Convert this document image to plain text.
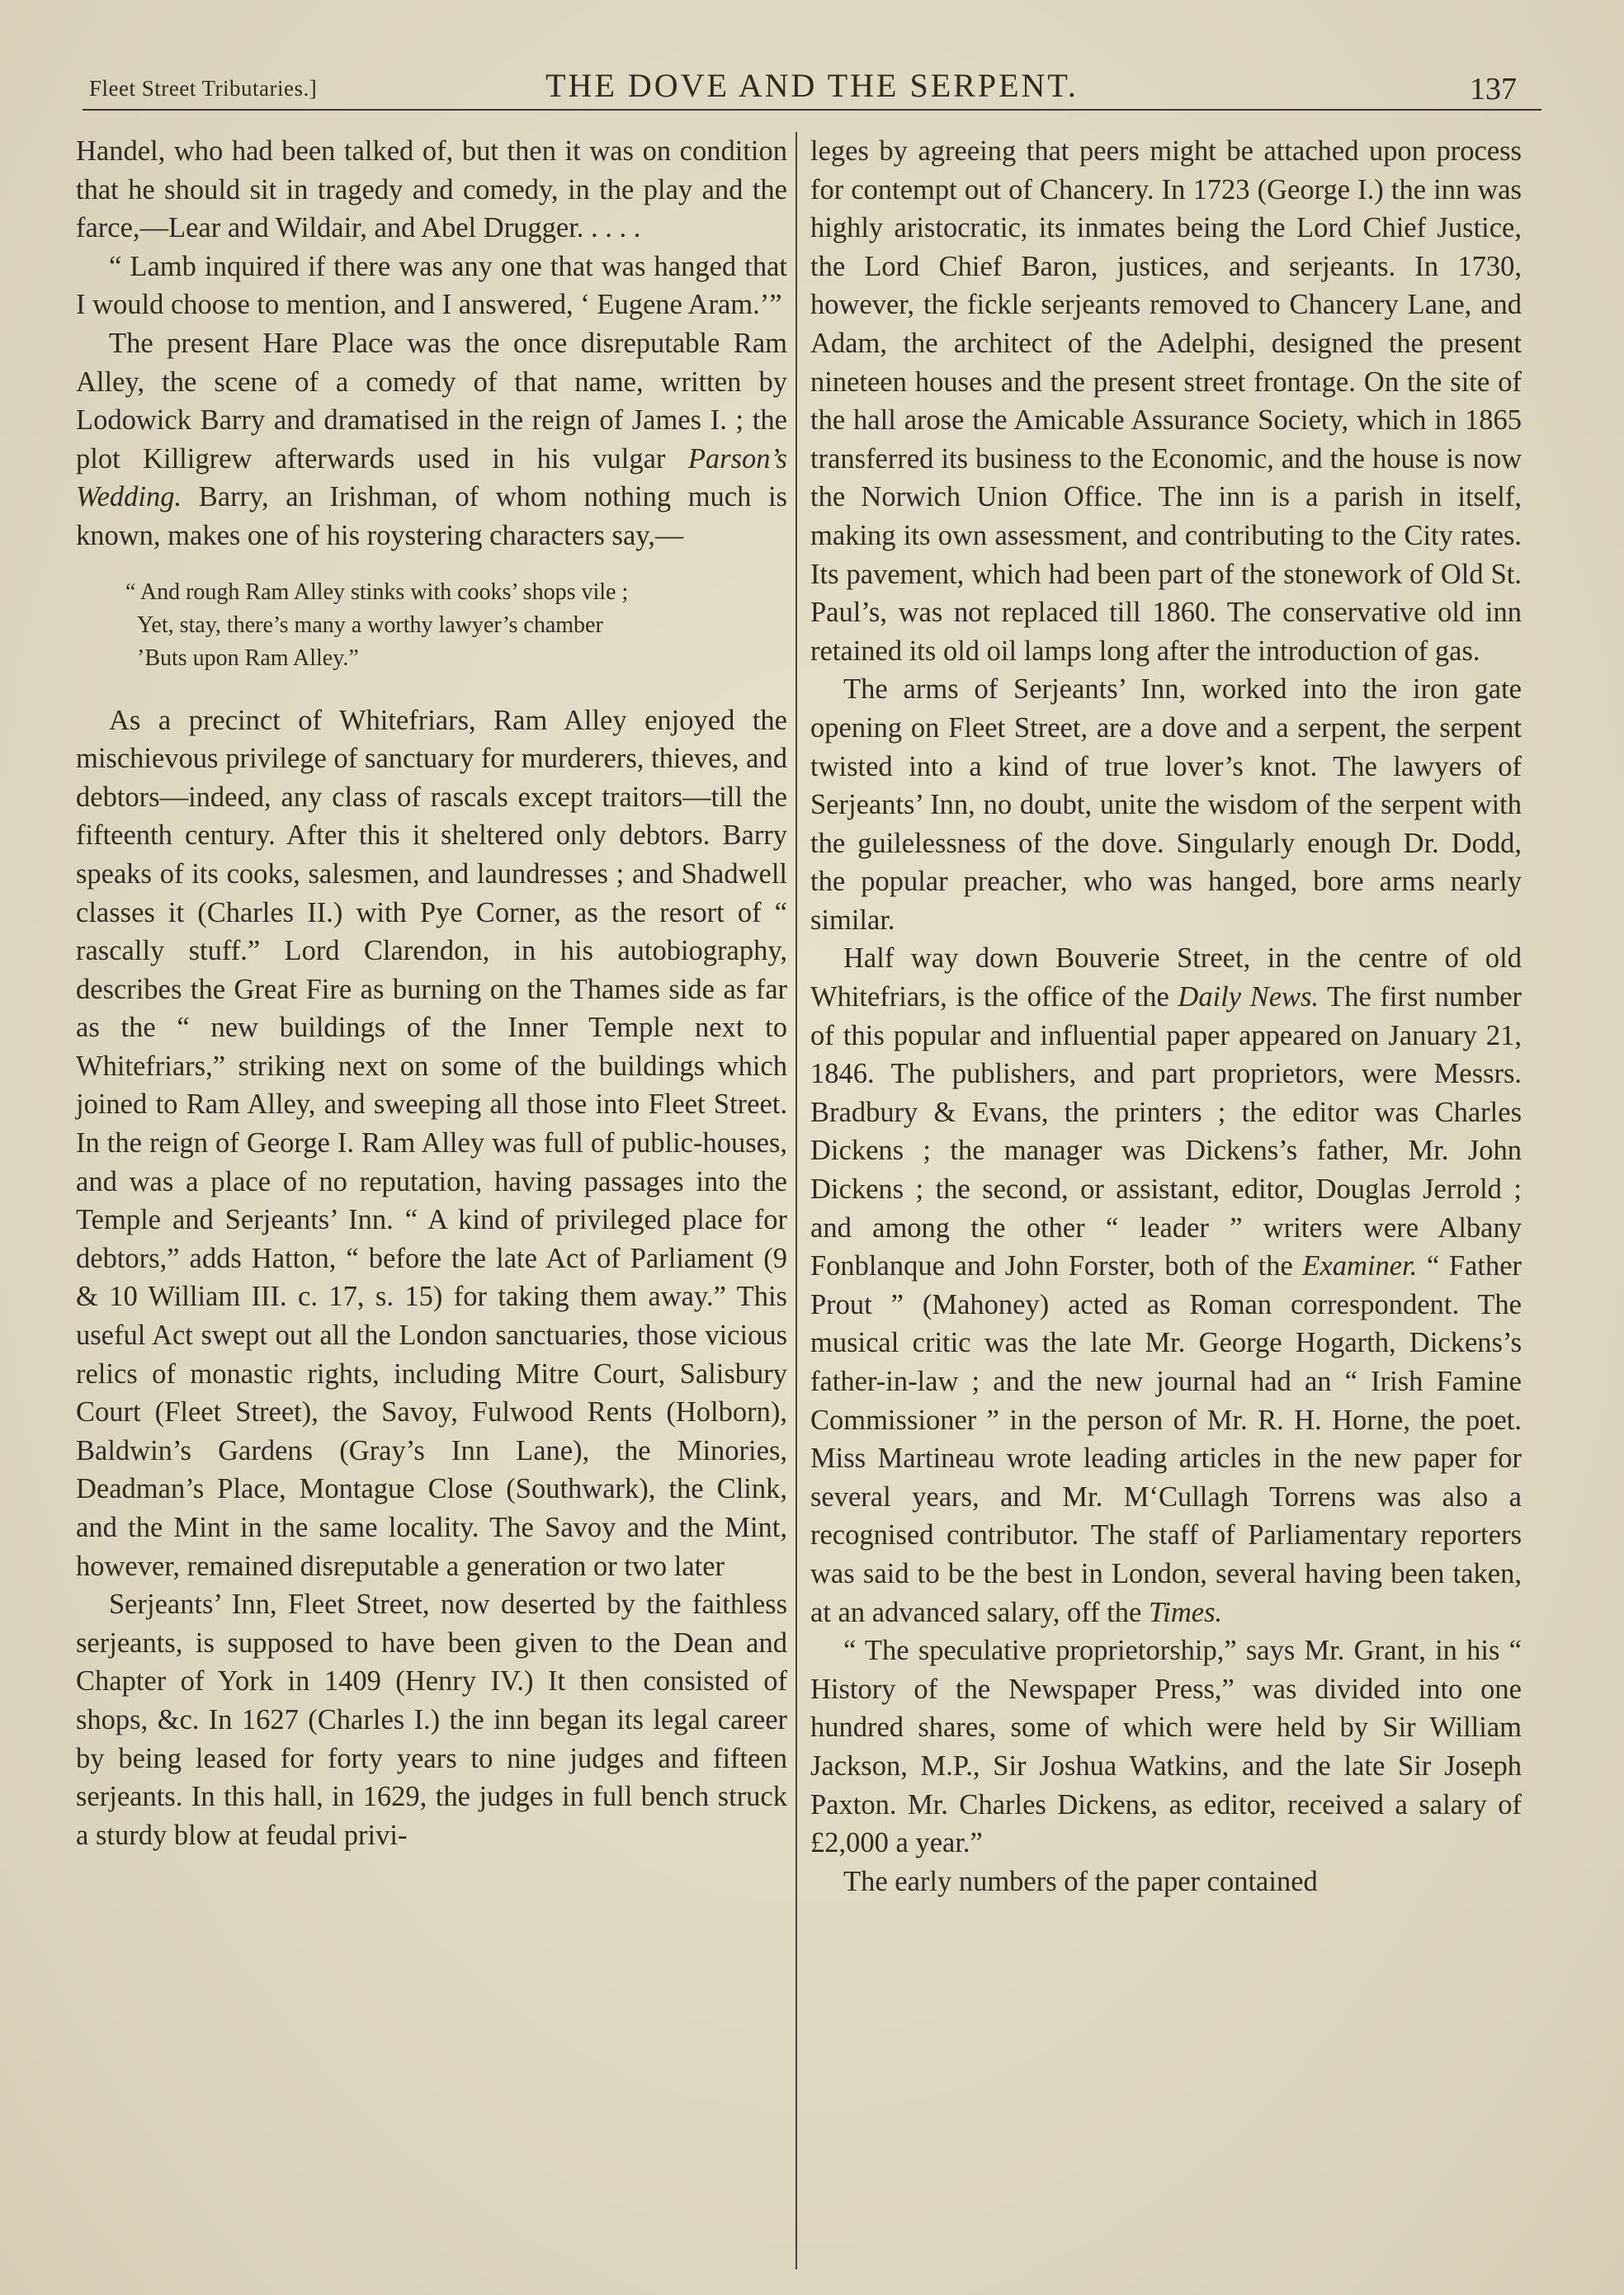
Fleet Street Tributaries.]	THE DOVE AND THE SERPENT.	137

Handel, who had been talked of, but then it was on condition that he should sit in tragedy and comedy, in the play and the farce,—Lear and Wildair, and Abel Drugger. . . . .

“ Lamb inquired if there was any one that was hanged that I would choose to mention, and I answered, ‘ Eugene Aram.’”

The present Hare Place was the once disreputable Ram Alley, the scene of a comedy of that name, written by Lodowick Barry and dramatised in the reign of James I. ; the plot Killigrew afterwards used in his vulgar Parson’s Wedding. Barry, an Irishman, of whom nothing much is known, makes one of his roystering characters say,—

“ And rough Ram Alley stinks with cooks’ shops vile ;
Yet, stay, there’s many a worthy lawyer’s chamber
’Buts upon Ram Alley.”

As a precinct of Whitefriars, Ram Alley enjoyed the mischievous privilege of sanctuary for murderers, thieves, and debtors—indeed, any class of rascals except traitors—till the fifteenth century. After this it sheltered only debtors. Barry speaks of its cooks, salesmen, and laundresses ; and Shadwell classes it (Charles II.) with Pye Corner, as the resort of “ rascally stuff.” Lord Clarendon, in his autobiography, describes the Great Fire as burning on the Thames side as far as the “ new buildings of the Inner Temple next to Whitefriars,” striking next on some of the buildings which joined to Ram Alley, and sweeping all those into Fleet Street. In the reign of George I. Ram Alley was full of public-houses, and was a place of no reputation, having passages into the Temple and Serjeants’ Inn. “ A kind of privileged place for debtors,” adds Hatton, “ before the late Act of Parliament (9 & 10 William III. c. 17, s. 15) for taking them away.” This useful Act swept out all the London sanctuaries, those vicious relics of monastic rights, including Mitre Court, Salisbury Court (Fleet Street), the Savoy, Fulwood Rents (Holborn), Baldwin’s Gardens (Gray’s Inn Lane), the Minories, Deadman’s Place, Montague Close (Southwark), the Clink, and the Mint in the same locality. The Savoy and the Mint, however, remained disreputable a generation or two later

Serjeants’ Inn, Fleet Street, now deserted by the faithless serjeants, is supposed to have been given to the Dean and Chapter of York in 1409 (Henry IV.) It then consisted of shops, &c. In 1627 (Charles I.) the inn began its legal career by being leased for forty years to nine judges and fifteen serjeants. In this hall, in 1629, the judges in full bench struck a sturdy blow at feudal privi-

leges by agreeing that peers might be attached upon process for contempt out of Chancery. In 1723 (George I.) the inn was highly aristocratic, its inmates being the Lord Chief Justice, the Lord Chief Baron, justices, and serjeants. In 1730, however, the fickle serjeants removed to Chancery Lane, and Adam, the architect of the Adelphi, designed the present nineteen houses and the present street frontage. On the site of the hall arose the Amicable Assurance Society, which in 1865 transferred its business to the Economic, and the house is now the Norwich Union Office. The inn is a parish in itself, making its own assessment, and contributing to the City rates. Its pavement, which had been part of the stonework of Old St. Paul’s, was not replaced till 1860. The conservative old inn retained its old oil lamps long after the introduction of gas.

The arms of Serjeants’ Inn, worked into the iron gate opening on Fleet Street, are a dove and a serpent, the serpent twisted into a kind of true lover’s knot. The lawyers of Serjeants’ Inn, no doubt, unite the wisdom of the serpent with the guilelessness of the dove. Singularly enough Dr. Dodd, the popular preacher, who was hanged, bore arms nearly similar.

Half way down Bouverie Street, in the centre of old Whitefriars, is the office of the Daily News. The first number of this popular and influential paper appeared on January 21, 1846. The publishers, and part proprietors, were Messrs. Bradbury & Evans, the printers ; the editor was Charles Dickens ; the manager was Dickens’s father, Mr. John Dickens ; the second, or assistant, editor, Douglas Jerrold ; and among the other “ leader ” writers were Albany Fonblanque and John Forster, both of the Examiner. “ Father Prout ” (Mahoney) acted as Roman correspondent. The musical critic was the late Mr. George Hogarth, Dickens’s father-in-law ; and the new journal had an “ Irish Famine Commissioner ” in the person of Mr. R. H. Horne, the poet. Miss Martineau wrote leading articles in the new paper for several years, and Mr. M‘Cullagh Torrens was also a recognised contributor. The staff of Parliamentary reporters was said to be the best in London, several having been taken, at an advanced salary, off the Times.

“ The speculative proprietorship,” says Mr. Grant, in his “ History of the Newspaper Press,” was divided into one hundred shares, some of which were held by Sir William Jackson, M.P., Sir Joshua Watkins, and the late Sir Joseph Paxton. Mr. Charles Dickens, as editor, received a salary of £2,000 a year.”

The early numbers of the paper contained
